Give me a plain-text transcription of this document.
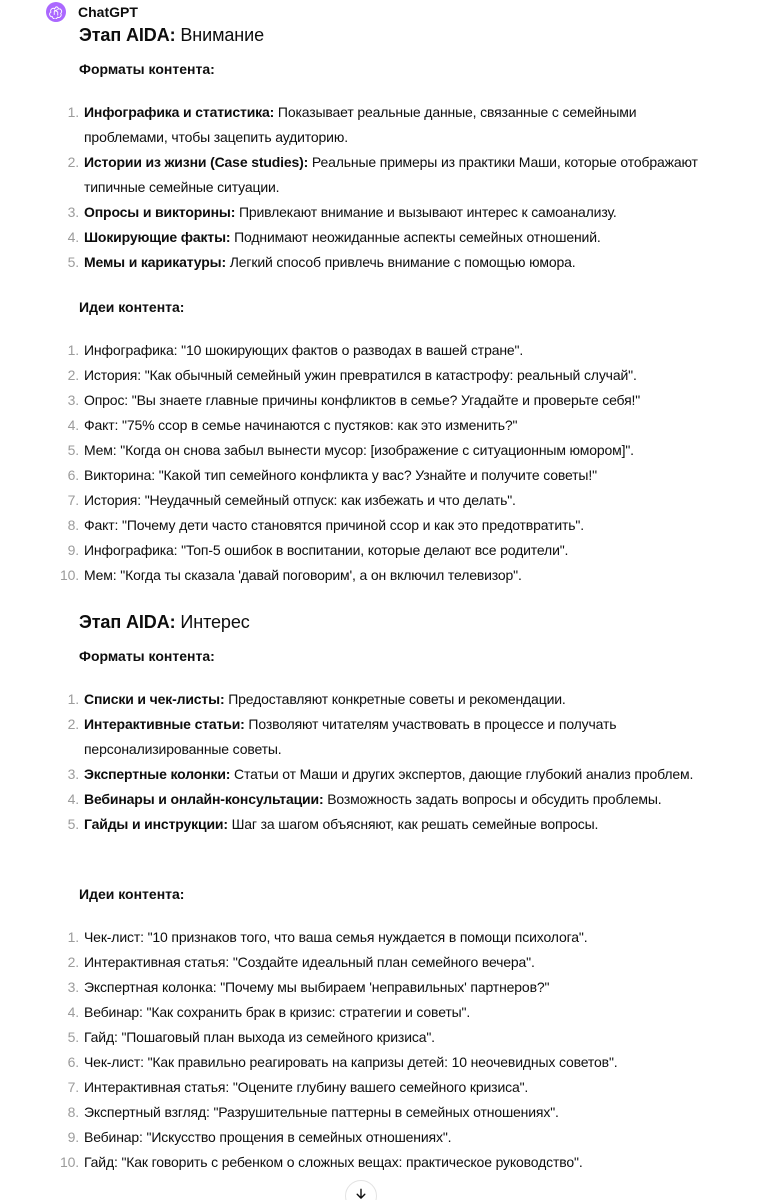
ChatGPT
Этап AIDA: Внимание
Форматы контента:
1. Инфографика и статистика: Показывает реальные данные, связанные с семейными проблемами, чтобы зацепить аудиторию.
2. Истории из жизни (Case studies): Реальные примеры из практики Маши, которые отображают типичные семейные ситуации.
3. Опросы и викторины: Привлекают внимание и вызывают интерес к самоанализу.
4. Шокирующие факты: Поднимают неожиданные аспекты семейных отношений.
5. Мемы и карикатуры: Легкий способ привлечь внимание с помощью юмора.
Идеи контента:
1. Инфографика: "10 шокирующих фактов о разводах в вашей стране".
2. История: "Как обычный семейный ужин превратился в катастрофу: реальный случай".
3. Опрос: "Вы знаете главные причины конфликтов в семье? Угадайте и проверьте себя!"
4. Факт: "75% ссор в семье начинаются с пустяков: как это изменить?"
5. Мем: "Когда он снова забыл вынести мусор: [изображение с ситуационным юмором]".
6. Викторина: "Какой тип семейного конфликта у вас? Узнайте и получите советы!"
7. История: "Неудачный семейный отпуск: как избежать и что делать".
8. Факт: "Почему дети часто становятся причиной ссор и как это предотвратить".
9. Инфографика: "Топ-5 ошибок в воспитании, которые делают все родители".
10. Мем: "Когда ты сказала 'давай поговорим', а он включил телевизор".
Этап AIDA: Интерес
Форматы контента:
1. Списки и чек-листы: Предоставляют конкретные советы и рекомендации.
2. Интерактивные статьи: Позволяют читателям участвовать в процессе и получать персонализированные советы.
3. Экспертные колонки: Статьи от Маши и других экспертов, дающие глубокий анализ проблем.
4. Вебинары и онлайн-консультации: Возможность задать вопросы и обсудить проблемы.
5. Гайды и инструкции: Шаг за шагом объясняют, как решать семейные вопросы.
Идеи контента:
1. Чек-лист: "10 признаков того, что ваша семья нуждается в помощи психолога".
2. Интерактивная статья: "Создайте идеальный план семейного вечера".
3. Экспертная колонка: "Почему мы выбираем 'неправильных' партнеров?"
4. Вебинар: "Как сохранить брак в кризис: стратегии и советы".
5. Гайд: "Пошаговый план выхода из семейного кризиса".
6. Чек-лист: "Как правильно реагировать на капризы детей: 10 неочевидных советов".
7. Интерактивная статья: "Оцените глубину вашего семейного кризиса".
8. Экспертный взгляд: "Разрушительные паттерны в семейных отношениях".
9. Вебинар: "Искусство прощения в семейных отношениях".
10. Гайд: "Как говорить с ребенком о сложных вещах: практическое руководство".
